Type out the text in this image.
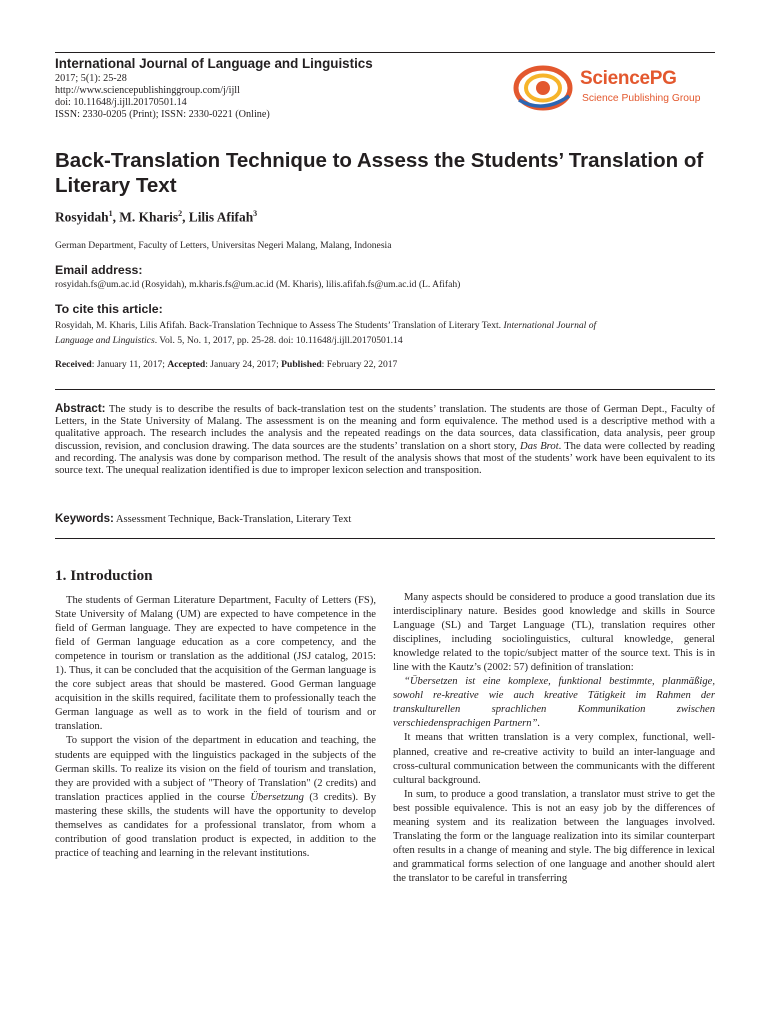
International Journal of Language and Linguistics
2017; 5(1): 25-28
http://www.sciencepublishinggroup.com/j/ijll
doi: 10.11648/j.ijll.20170501.14
ISSN: 2330-0205 (Print); ISSN: 2330-0221 (Online)
SciencePG
Science Publishing Group
Back-Translation Technique to Assess the Students’ Translation of Literary Text
Rosyidah$^1$, M. Kharis$^2$, Lilis Afifah$^3$
German Department, Faculty of Letters, Universitas Negeri Malang, Malang, Indonesia
Email address:
rosyidah.fs@um.ac.id (Rosyidah), m.kharis.fs@um.ac.id (M. Kharis), lilis.afifah.fs@um.ac.id (L. Afifah)
To cite this article:
Rosyidah, M. Kharis, Lilis Afifah. Back-Translation Technique to Assess The Students’ Translation of Literary Text. International Journal of
Language and Linguistics. Vol. 5, No. 1, 2017, pp. 25-28. doi: 10.11648/j.ijll.20170501.14
Received: January 11, 2017; Accepted: January 24, 2017; Published: February 22, 2017
Abstract: The study is to describe the results of back-translation test on the students’ translation. The students are those of German Dept., Faculty of Letters, in the State University of Malang. The assessment is on the meaning and form equivalence. The method used is a descriptive method with a qualitative approach. The research includes the analysis and the repeated readings on the data sources, data classification, data analysis, peer group discussion, revision, and conclusion drawing. The data sources are the students’ translation on a short story, Das Brot. The data were collected by reading and recording. The analysis was done by comparison method. The result of the analysis shows that most of the students’ work have been equivalent to its source text. The unequal realization identified is due to improper lexicon selection and transposition.
Keywords: Assessment Technique, Back-Translation, Literary Text
1. Introduction

The students of German Literature Department, Faculty of Letters (FS), State University of Malang (UM) are expected to have competence in the field of German language. They are expected to have competence in the field of German language education as a core competency, and the competence in tourism or translation as the additional (JSJ catalog, 2015: 1). Thus, it can be concluded that the acquisition of the German language is the core subject areas that should be mastered. Good German language acquisition in the skills required, facilitate them to professionally teach the German language as well as to work in the field of tourism and or translation.

To support the vision of the department in education and teaching, the students are equipped with the linguistics packaged in the subjects of the German skills. To realize its vision on the field of tourism and translation, they are provided with a subject of "Theory of Translation" (2 credits) and translation practices applied in the course Übersetzung (3 credits). By mastering these skills, the students will have the opportunity to develop themselves as candidates for a professional translator, from whom a contribution of good translation product is expected, in addition to the practice of teaching and learning in the relevant institutions.

Many aspects should be considered to produce a good translation due its interdisciplinary nature. Besides good knowledge and skills in Source Language (SL) and Target Language (TL), translation requires other disciplines, including sociolinguistics, cultural knowledge, general knowledge related to the topic/subject matter of the source text. This is in line with the Kautz’s (2002: 57) definition of translation:

“Übersetzen ist eine komplexe, funktional bestimmte, planmäßige, sowohl re-kreative wie auch kreative Tätigkeit im Rahmen der transkulturellen sprachlichen Kommunikation zwischen verschiedensprachigen Partnern”.

It means that written translation is a very complex, functional, well-planned, creative and re-creative activity to build an inter-language and cross-cultural communication between the communicants with the different cultural background.

In sum, to produce a good translation, a translator must strive to get the best possible equivalence. This is not an easy job by the differences of meaning system and its realization between the languages involved. Translating the form or the language realization into its similar counterpart often results in a change of meaning and style. The big difference in lexical and grammatical forms selection of one language and another should alert the translator to be careful in transferring
